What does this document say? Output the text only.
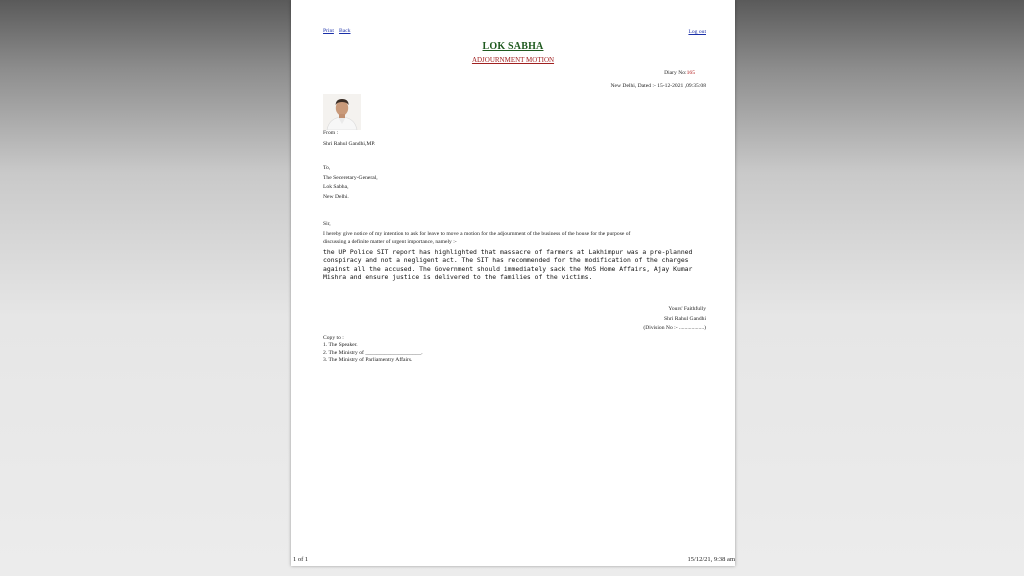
Print Back	Log out
LOK SABHA
ADJOURNMENT MOTION
Diary No:165
New Delhi, Dated :- 15-12-2021 ,09:35:08
From :
Shri Rahul Gandhi,MP.
To,
The Seceretary-General,
Lok Sabha,
New Delhi.
Sir,
I hereby give notice of my intention to ask for leave to move a motion for the adjournment of the business of the house for the purpose of
discussing a definite matter of urgent importance, namely :-
the UP Police SIT report has highlighted that massacre of farmers at Lakhimpur was a pre-planned conspiracy and not a negligent act. The SIT has recommended for the modification of the charges against all the accused. The Government should immediately sack the MoS Home Affairs, Ajay Kumar Mishra and ensure justice is delivered to the families of the victims.
Yours' Faithfully
Shri Rahul Gandhi
(Division No :- ..................)
Copy to :
1. The Speaker.
2. The Ministry of ____________________.
3. The Ministry of Parliamentry Affairs.
1 of 1	15/12/21, 9:38 am
